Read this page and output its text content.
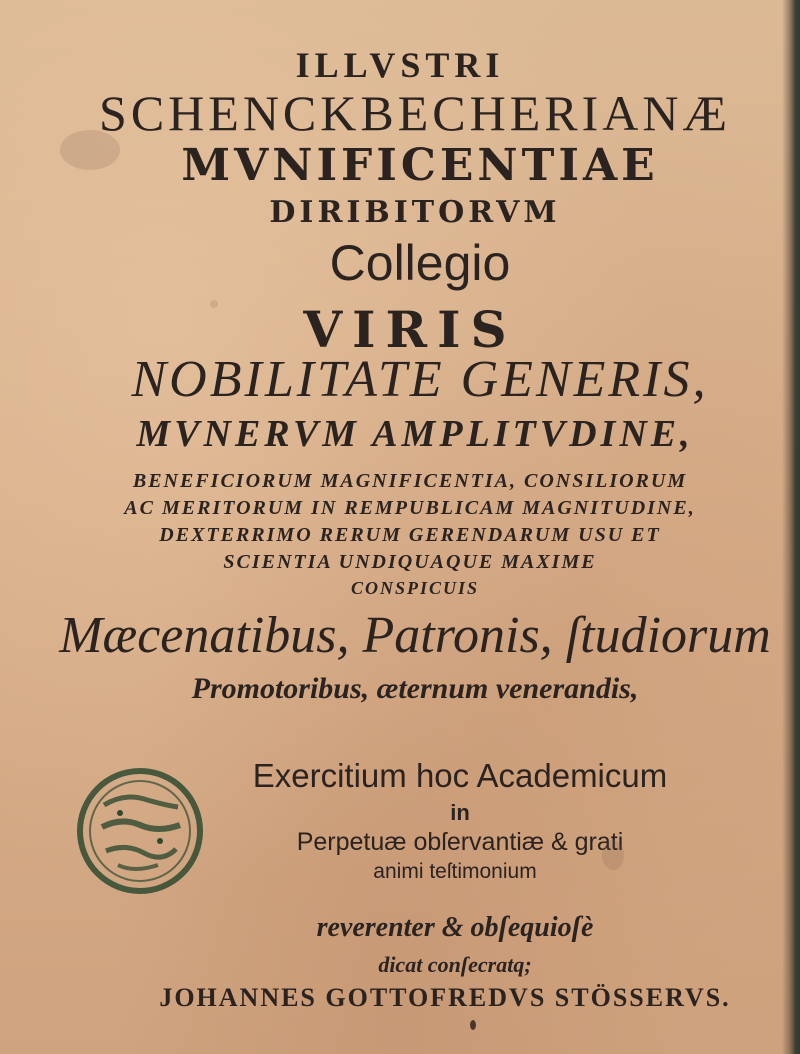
ILLVSTRI
SCHENCKBECHERIANÆ
MVNIFICENTIAE
DIRIBITORVM
Collegio
VIRIS
NOBILITATE GENERIS,
MVNERVM AMPLITVDINE,
BENEFICIORUM MAGNIFICENTIA, CONSILIORUM
AC MERITORUM IN REMPUBLICAM MAGNITUDINE,
DEXTERRIMO RERUM GERENDARUM USU ET
SCIENTIA UNDIQUAQUE MAXIME
CONSPICUIS
Mæcenatibus, Patronis, ſtudiorum
Promotoribus, æternum venerandis,
Exercitium hoc Academicum
in
Perpetuæ obſervantiæ & grati
animi teſtimonium
reverenter & obſequioſè
dicat conſecratq;
JOHANNES GOTTOFREDVS STÖSSERVS.
